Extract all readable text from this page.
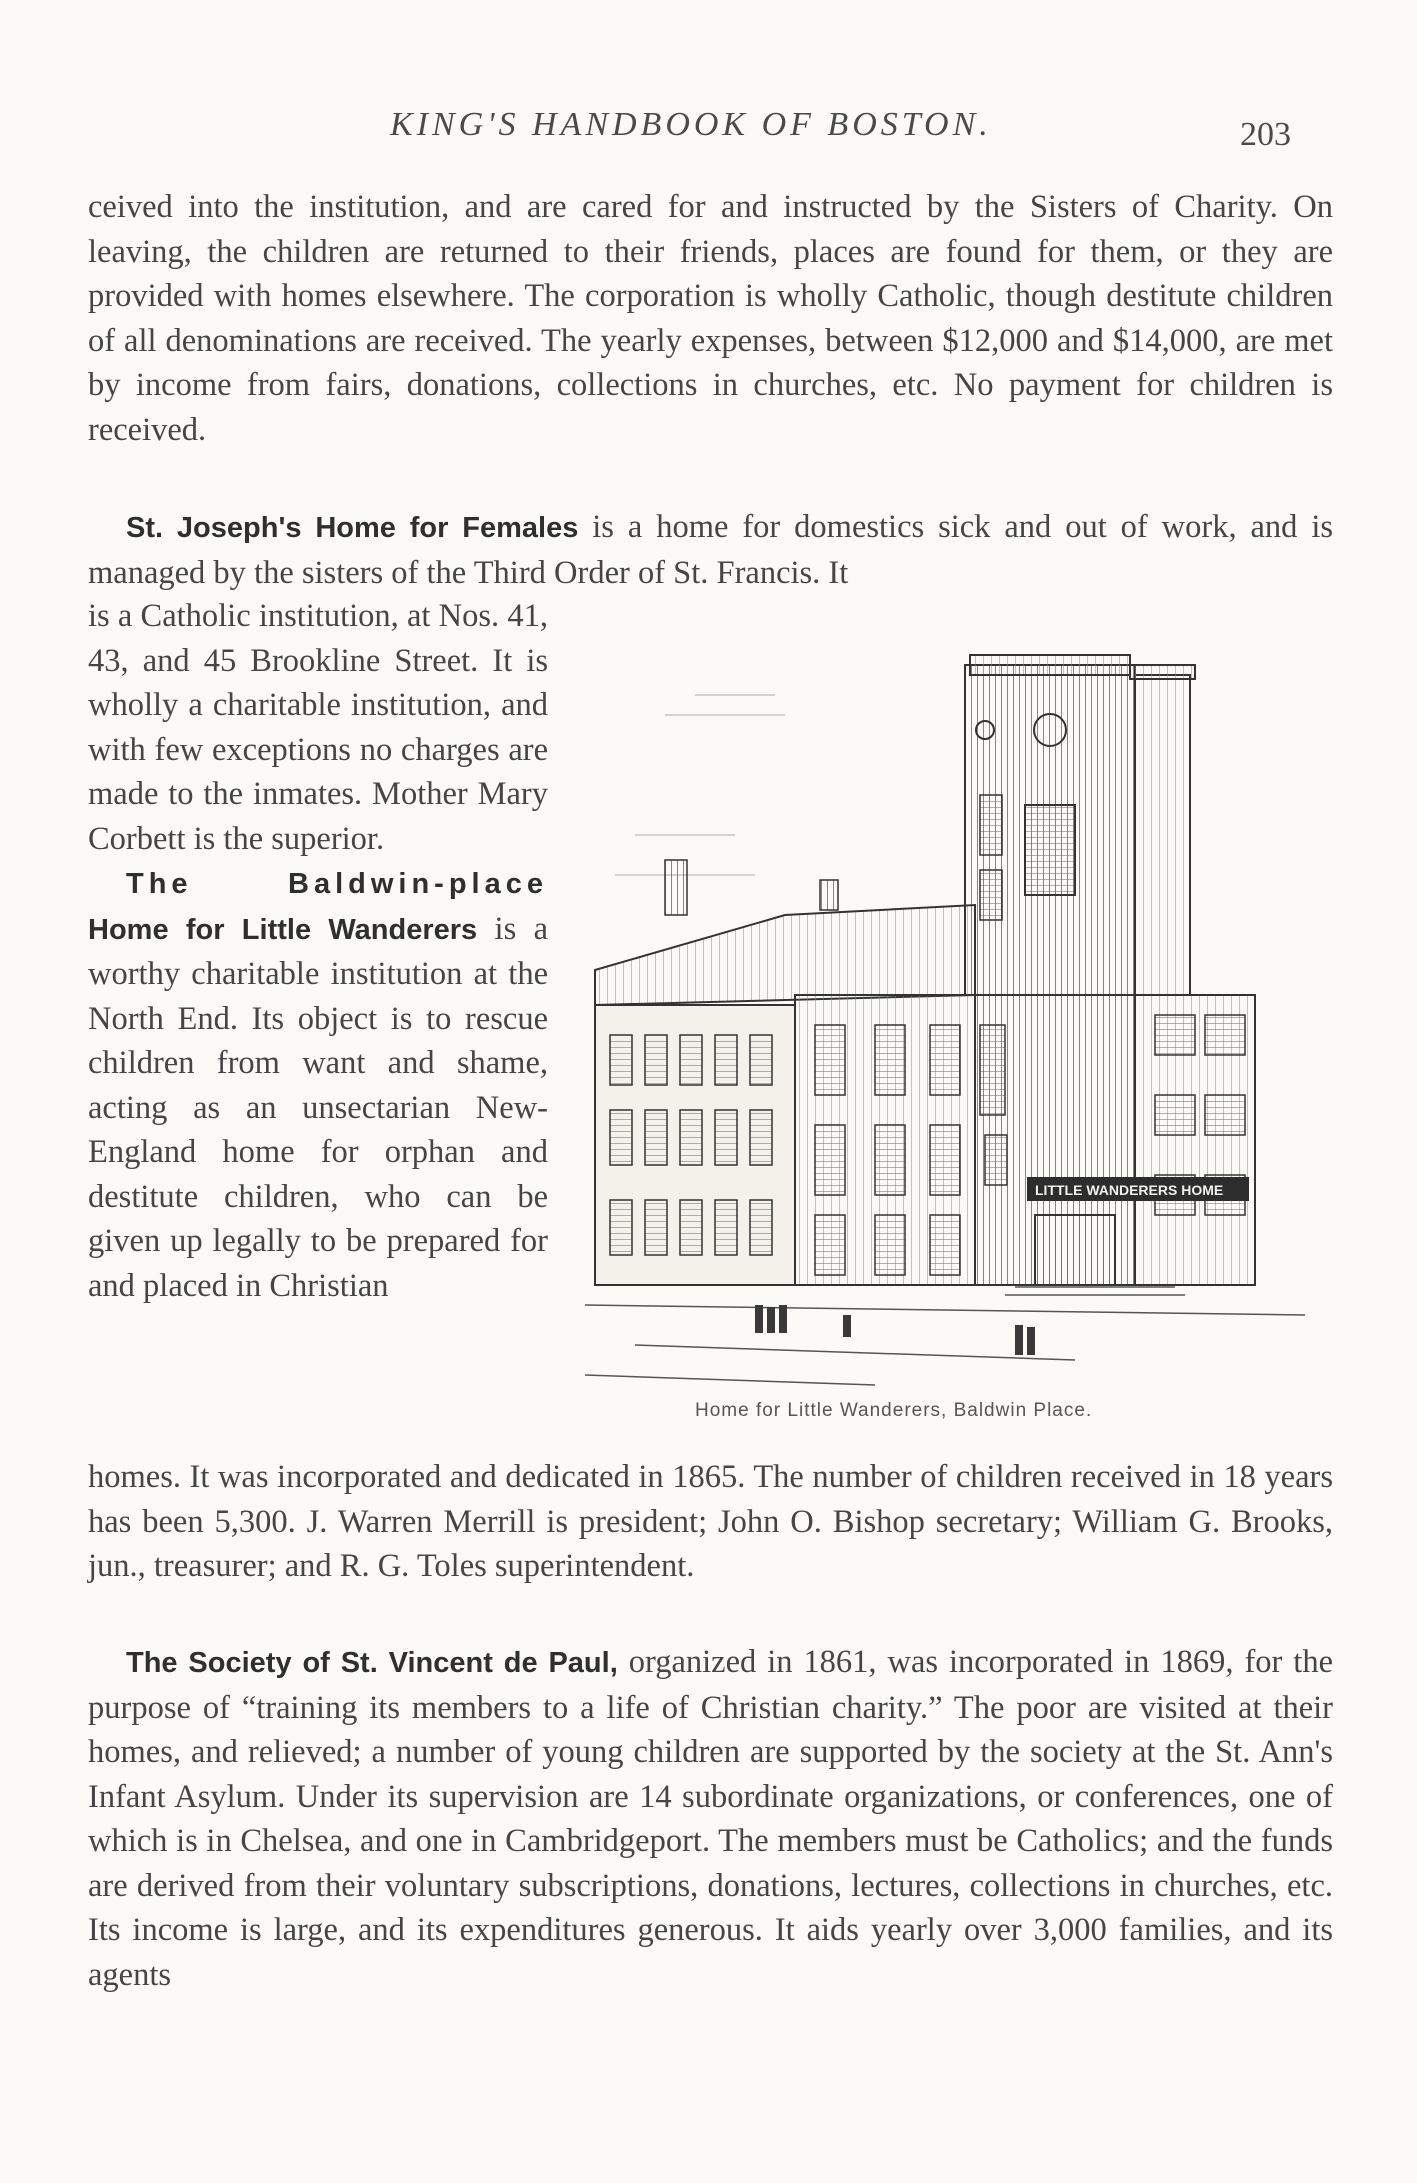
KING'S HANDBOOK OF BOSTON.	203

ceived into the institution, and are cared for and instructed by the Sisters of Charity. On leaving, the children are returned to their friends, places are found for them, or they are provided with homes elsewhere. The corporation is wholly Catholic, though destitute children of all denominations are received. The yearly expenses, between $12,000 and $14,000, are met by income from fairs, donations, collections in churches, etc. No payment for children is received.

St. Joseph's Home for Females is a home for domestics sick and out of work, and is managed by the sisters of the Third Order of St. Francis. It

is a Catholic institution, at Nos. 41, 43, and 45 Brookline Street. It is wholly a charitable institution, and with few exceptions no charges are made to the inmates. Mother Mary Corbett is the superior.

The Baldwin-place Home for Little Wanderers is a worthy charitable institution at the North End. Its object is to rescue children from want and shame, acting as an unsectarian New-England home for orphan and destitute children, who can be given up legally to be prepared for and placed in Christian

LITTLE WANDERERS HOME
Home for Little Wanderers, Baldwin Place.

homes. It was incorporated and dedicated in 1865. The number of children received in 18 years has been 5,300. J. Warren Merrill is president; John O. Bishop secretary; William G. Brooks, jun., treasurer; and R. G. Toles superintendent.

The Society of St. Vincent de Paul, organized in 1861, was incorporated in 1869, for the purpose of “training its members to a life of Christian charity.” The poor are visited at their homes, and relieved; a number of young children are supported by the society at the St. Ann's Infant Asylum. Under its supervision are 14 subordinate organizations, or conferences, one of which is in Chelsea, and one in Cambridgeport. The members must be Catholics; and the funds are derived from their voluntary subscriptions, donations, lectures, collections in churches, etc. Its income is large, and its expenditures generous. It aids yearly over 3,000 families, and its agents
